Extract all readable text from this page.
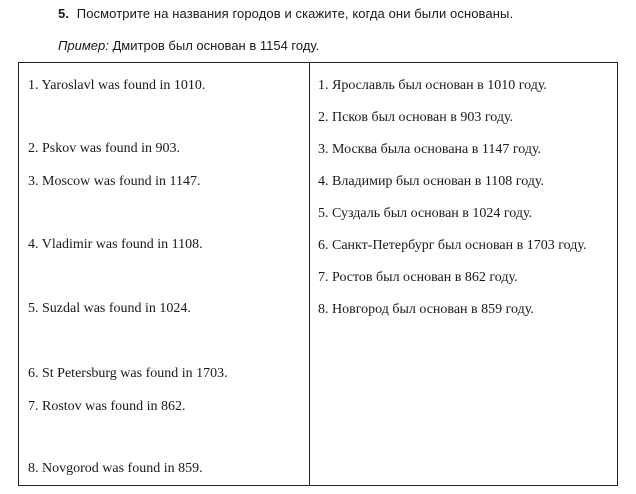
5. Посмотрите на названия городов и скажите, когда они были основаны.
Пример: Дмитров был основан в 1154 году.
1. Yaroslavl was found in 1010.
2. Pskov was found in 903.
3. Moscow was found in 1147.
4. Vladimir was found in 1108.
5. Suzdal was found in 1024.
6. St Petersburg was found in 1703.
7. Rostov was found in 862.
8. Novgorod was found in 859.
1. Ярославль был основан в 1010 году.
2. Псков был основан в 903 году.
3. Москва была основана в 1147 году.
4. Владимир был основан в 1108 году.
5. Суздаль был основан в 1024 году.
6. Санкт-Петербург был основан в 1703 году.
7. Ростов был основан в 862 году.
8. Новгород был основан в 859 году.
